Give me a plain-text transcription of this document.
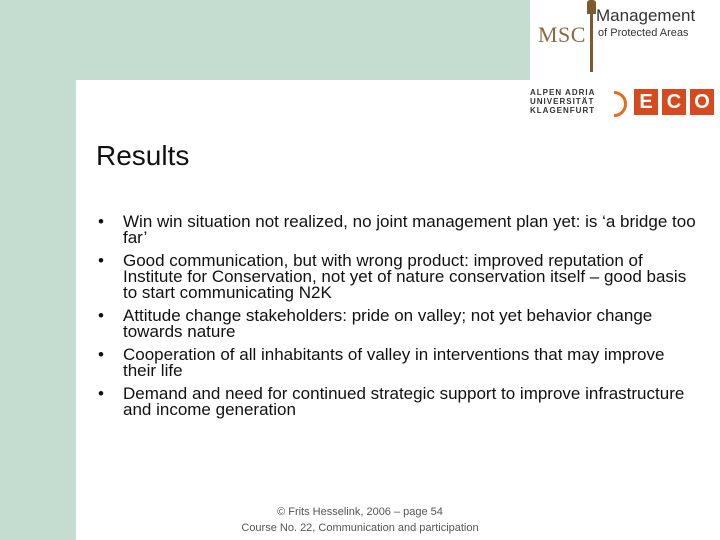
MSC
Management
of Protected Areas
ALPEN ADRIA
UNIVERSITÄT
KLAGENFURT E C O
Results
• Win win situation not realized, no joint management plan yet: is ‘a bridge too far’
• Good communication, but with wrong product: improved reputation of Institute for Conservation, not yet of nature conservation itself – good basis to start communicating N2K
• Attitude change stakeholders: pride on valley; not yet behavior change towards nature
• Cooperation of all inhabitants of valley in interventions that may improve their life
• Demand and need for continued strategic support to improve infrastructure and income generation
© Frits Hesselink, 2006 – page 54
Course No. 22, Communication and participation
